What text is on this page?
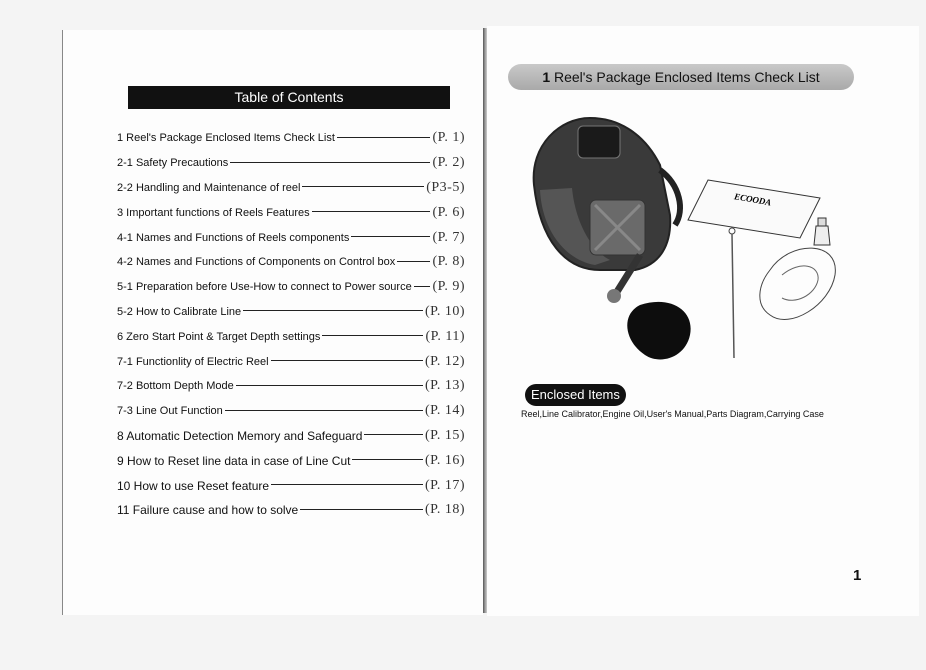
Table of Contents
1 Reel's Package Enclosed Items Check List	(P. 1)
2-1 Safety Precautions	(P. 2)
2-2 Handling and Maintenance of reel	(P3-5)
3 Important functions of Reels Features	(P. 6)
4-1 Names and Functions of Reels components	(P. 7)
4-2 Names and Functions of Components on Control box	(P. 8)
5-1 Preparation before Use-How to connect to Power source (P. 9)
5-2 How to Calibrate Line	(P. 10)
6 Zero Start Point & Target Depth settings	(P. 11)
7-1 Functionlity of Electric Reel	(P. 12)
7-2 Bottom Depth Mode	(P. 13)
7-3 Line Out Function	(P. 14)
8 Automatic Detection Memory and Safeguard	(P. 15)
9 How to Reset line data in case of Line Cut	(P. 16)
10 How to use Reset feature	(P. 17)
11 Failure cause and how to solve	(P. 18)
1 Reel's Package Enclosed Items Check List
ECOODA
Enclosed Items
Reel,Line Calibrator,Engine Oil,User's Manual,Parts Diagram,Carrying Case
1
